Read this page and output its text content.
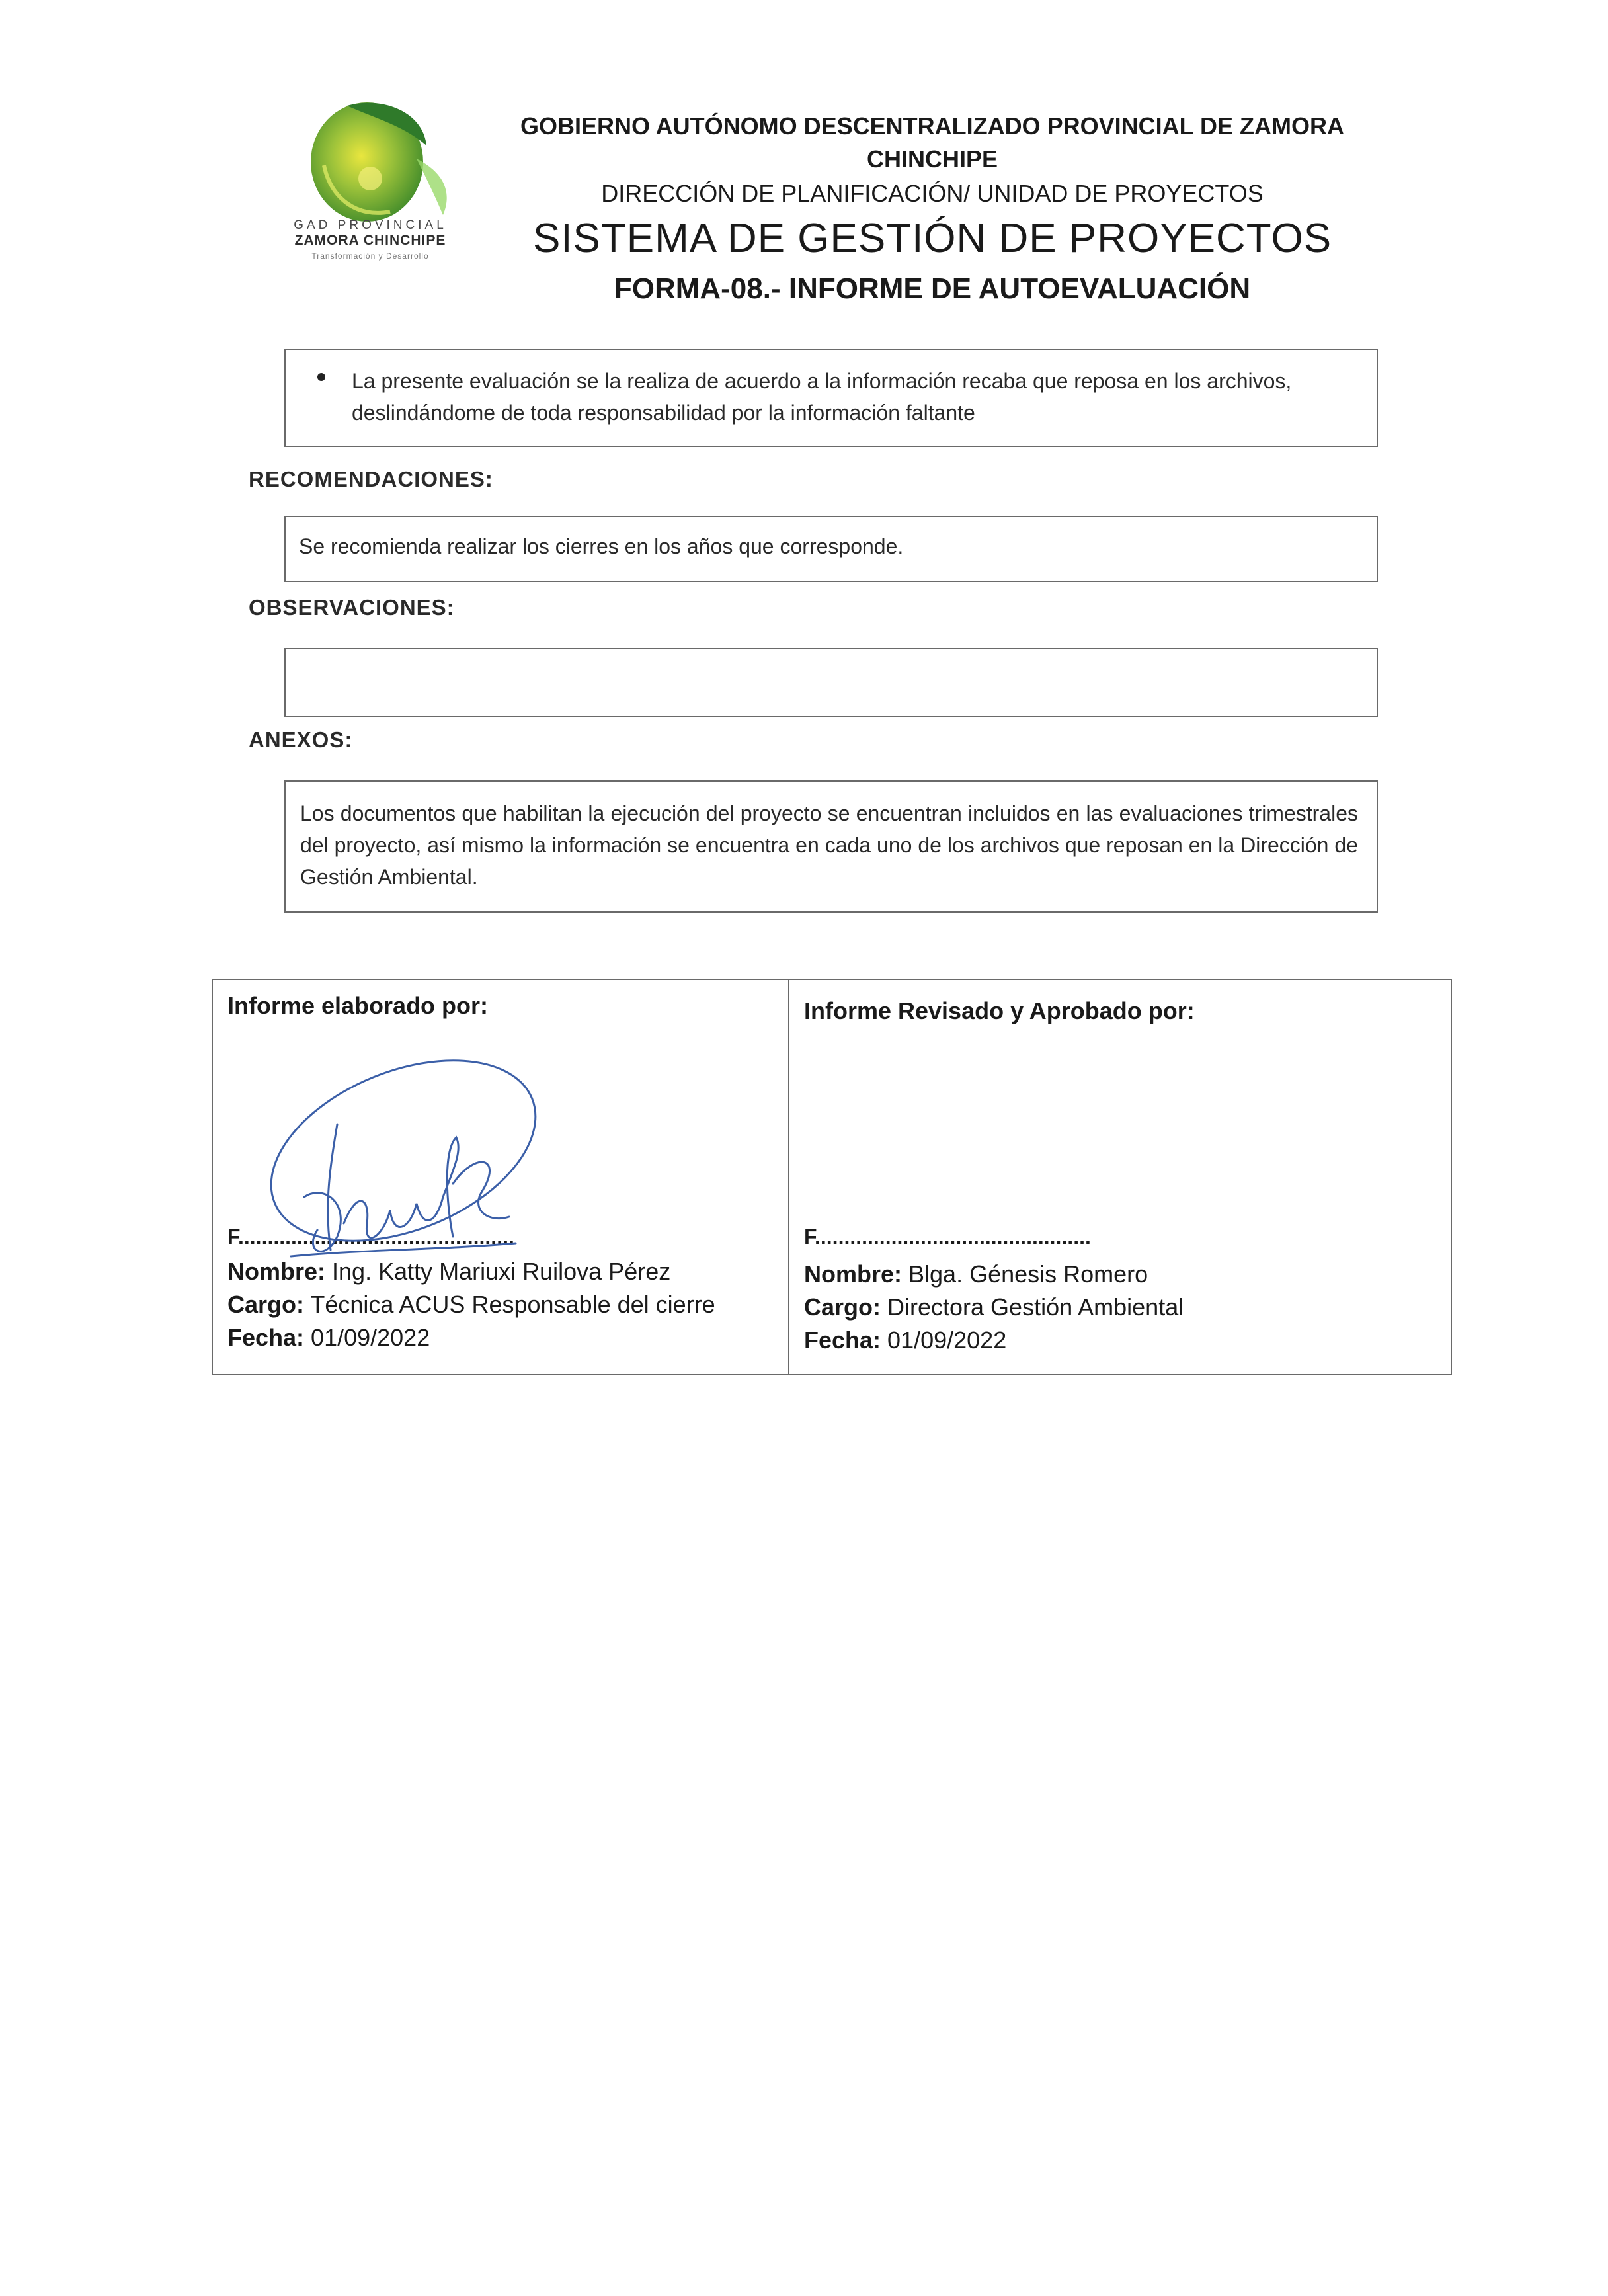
GAD PROVINCIAL
ZAMORA CHINCHIPE
Transformación y Desarrollo
GOBIERNO AUTÓNOMO DESCENTRALIZADO PROVINCIAL DE ZAMORA
CHINCHIPE
DIRECCIÓN DE PLANIFICACIÓN/ UNIDAD DE PROYECTOS
SISTEMA DE GESTIÓN DE PROYECTOS
FORMA-08.- INFORME DE AUTOEVALUACIÓN
La presente evaluación se la realiza de acuerdo a la información recaba que reposa en los archivos, deslindándome de toda responsabilidad por la información faltante
RECOMENDACIONES:
Se recomienda realizar los cierres en los años que corresponde.
OBSERVACIONES:
ANEXOS:
Los documentos que habilitan la ejecución del proyecto se encuentran incluidos en las evaluaciones trimestrales del proyecto, así mismo la información se encuentra en cada uno de los archivos que reposan en la Dirección de Gestión Ambiental.
Informe elaborado por:
F...............................................
Nombre: Ing. Katty Mariuxi Ruilova Pérez
Cargo: Técnica ACUS Responsable del cierre
Fecha: 01/09/2022
Informe Revisado y Aprobado por:
F...............................................
Nombre: Blga. Génesis Romero
Cargo: Directora Gestión Ambiental
Fecha: 01/09/2022
